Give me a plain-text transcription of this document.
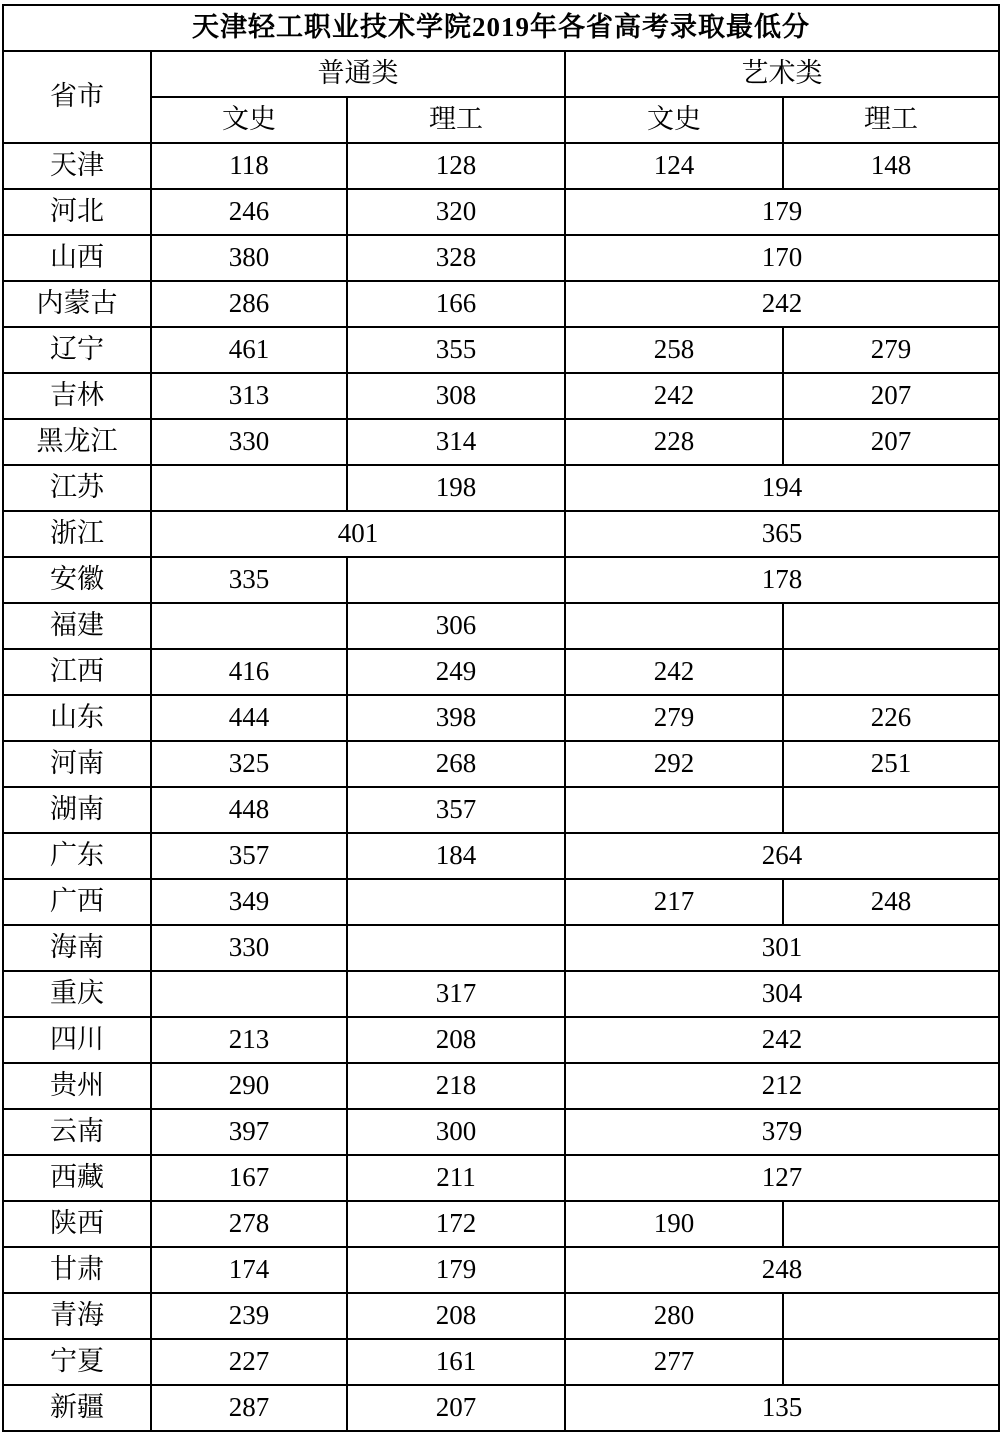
天津轻工职业技术学院2019年各省高考录取最低分				
省市	普通类		艺术类	
	文史	理工	文史	理工
天津	118	128	124	148
河北	246	320	179	
山西	380	328	170	
内蒙古	286	166	242	
辽宁	461	355	258	279
吉林	313	308	242	207
黑龙江	330	314	228	207
江苏		198	194	
浙江	401		365	
安徽	335		178	
福建		306		
江西	416	249	242	
山东	444	398	279	226
河南	325	268	292	251
湖南	448	357		
广东	357	184	264	
广西	349		217	248
海南	330		301	
重庆		317	304	
四川	213	208	242	
贵州	290	218	212	
云南	397	300	379	
西藏	167	211	127	
陕西	278	172	190	
甘肃	174	179	248	
青海	239	208	280	
宁夏	227	161	277	
新疆	287	207	135	
